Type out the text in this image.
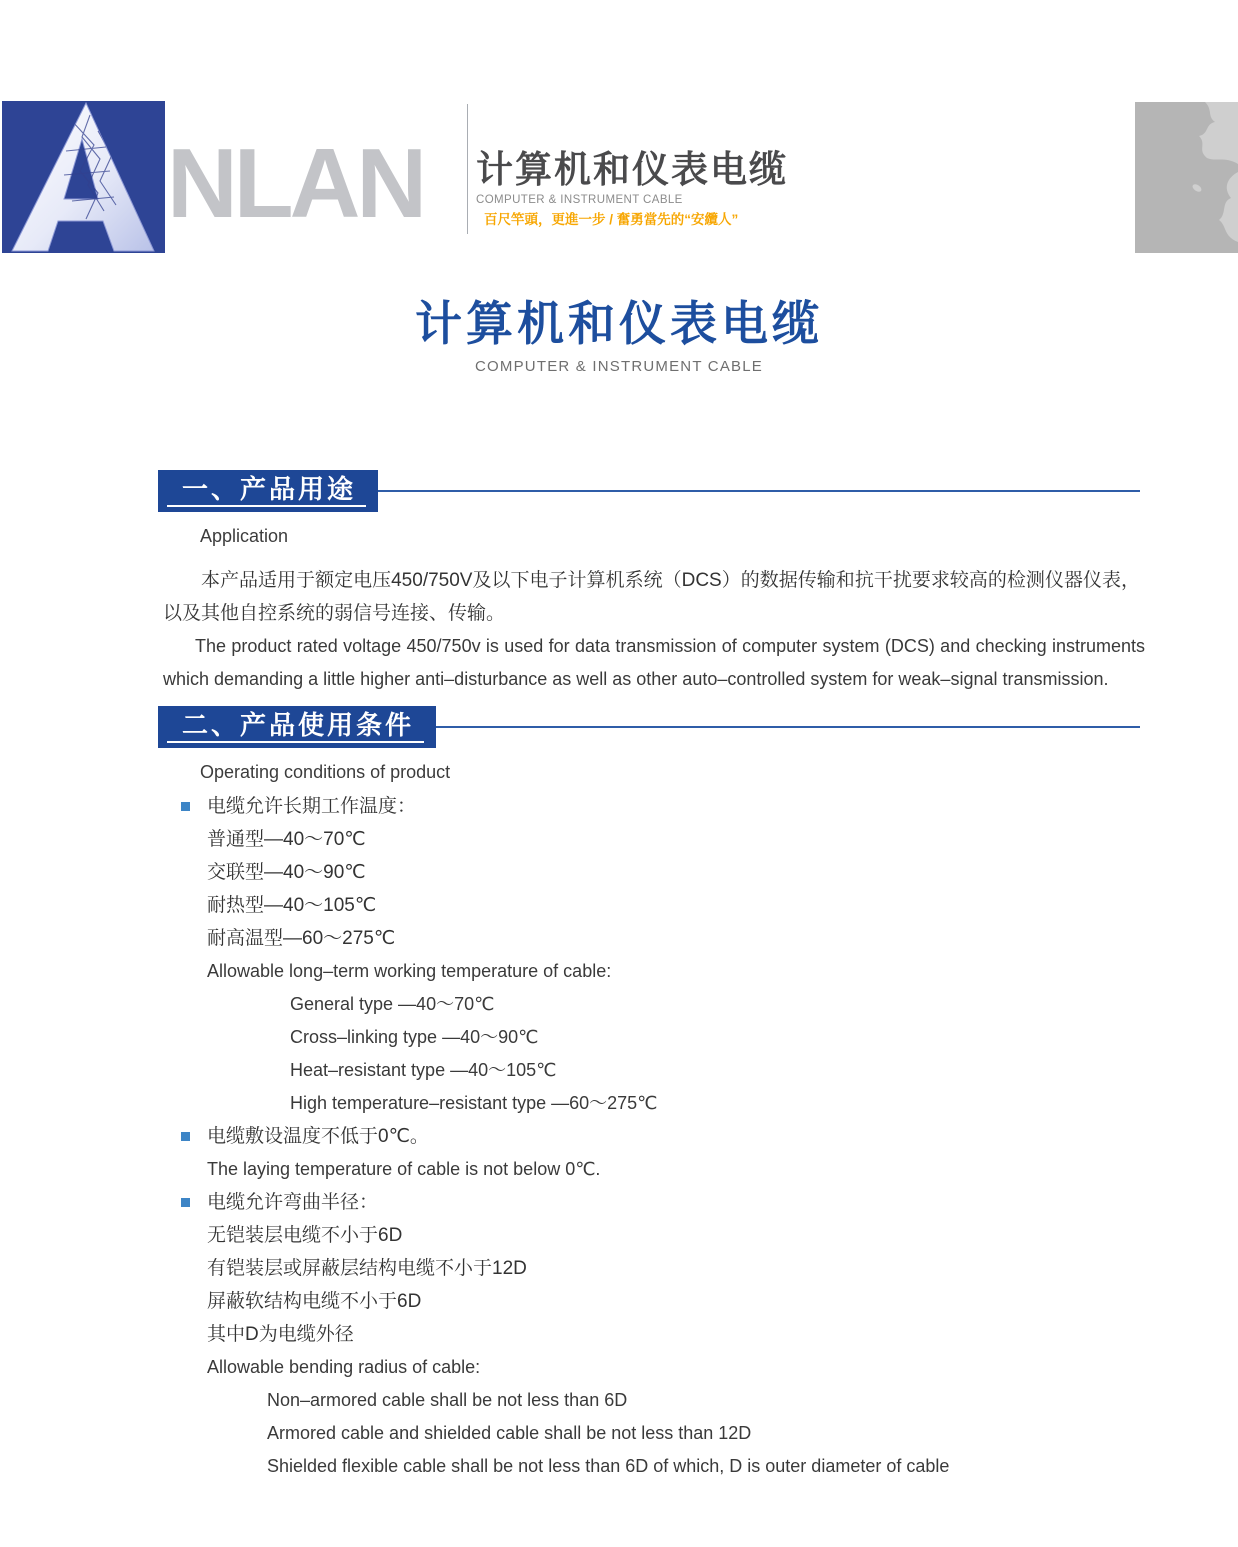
NLAN 计算机和仪表电缆
COMPUTER & INSTRUMENT CABLE
百尺竿頭，更進一步 / 奮勇當先的“安纜人”
计算机和仪表电缆
COMPUTER & INSTRUMENT CABLE
一、产品用途
Application

本产品适用于额定电压450/750V及以下电子计算机系统（DCS）的数据传输和抗干扰要求较高的检测仪器仪表，以及其他自控系统的弱信号连接、传输。

The product rated voltage 450/750v is used for data transmission of computer system (DCS) and checking instruments which demanding a little higher anti–disturbance as well as other auto–controlled system for weak–signal transmission.

二、产品使用条件
Operating conditions of product
电缆允许长期工作温度：
普通型—40～70℃
交联型—40～90℃
耐热型—40～105℃
耐高温型—60～275℃
Allowable long–term working temperature of cable:
General type —40～70℃
Cross–linking type —40～90℃
Heat–resistant type —40～105℃
High temperature–resistant type —60～275℃
电缆敷设温度不低于0℃。
The laying temperature of cable is not below 0℃.
电缆允许弯曲半径：
无铠装层电缆不小于6D
有铠装层或屏蔽层结构电缆不小于12D
屏蔽软结构电缆不小于6D
其中D为电缆外径
Allowable bending radius of cable:
Non–armored cable shall be not less than 6D
Armored cable and shielded cable shall be not less than 12D
Shielded flexible cable shall be not less than 6D of which, D is outer diameter of cable
